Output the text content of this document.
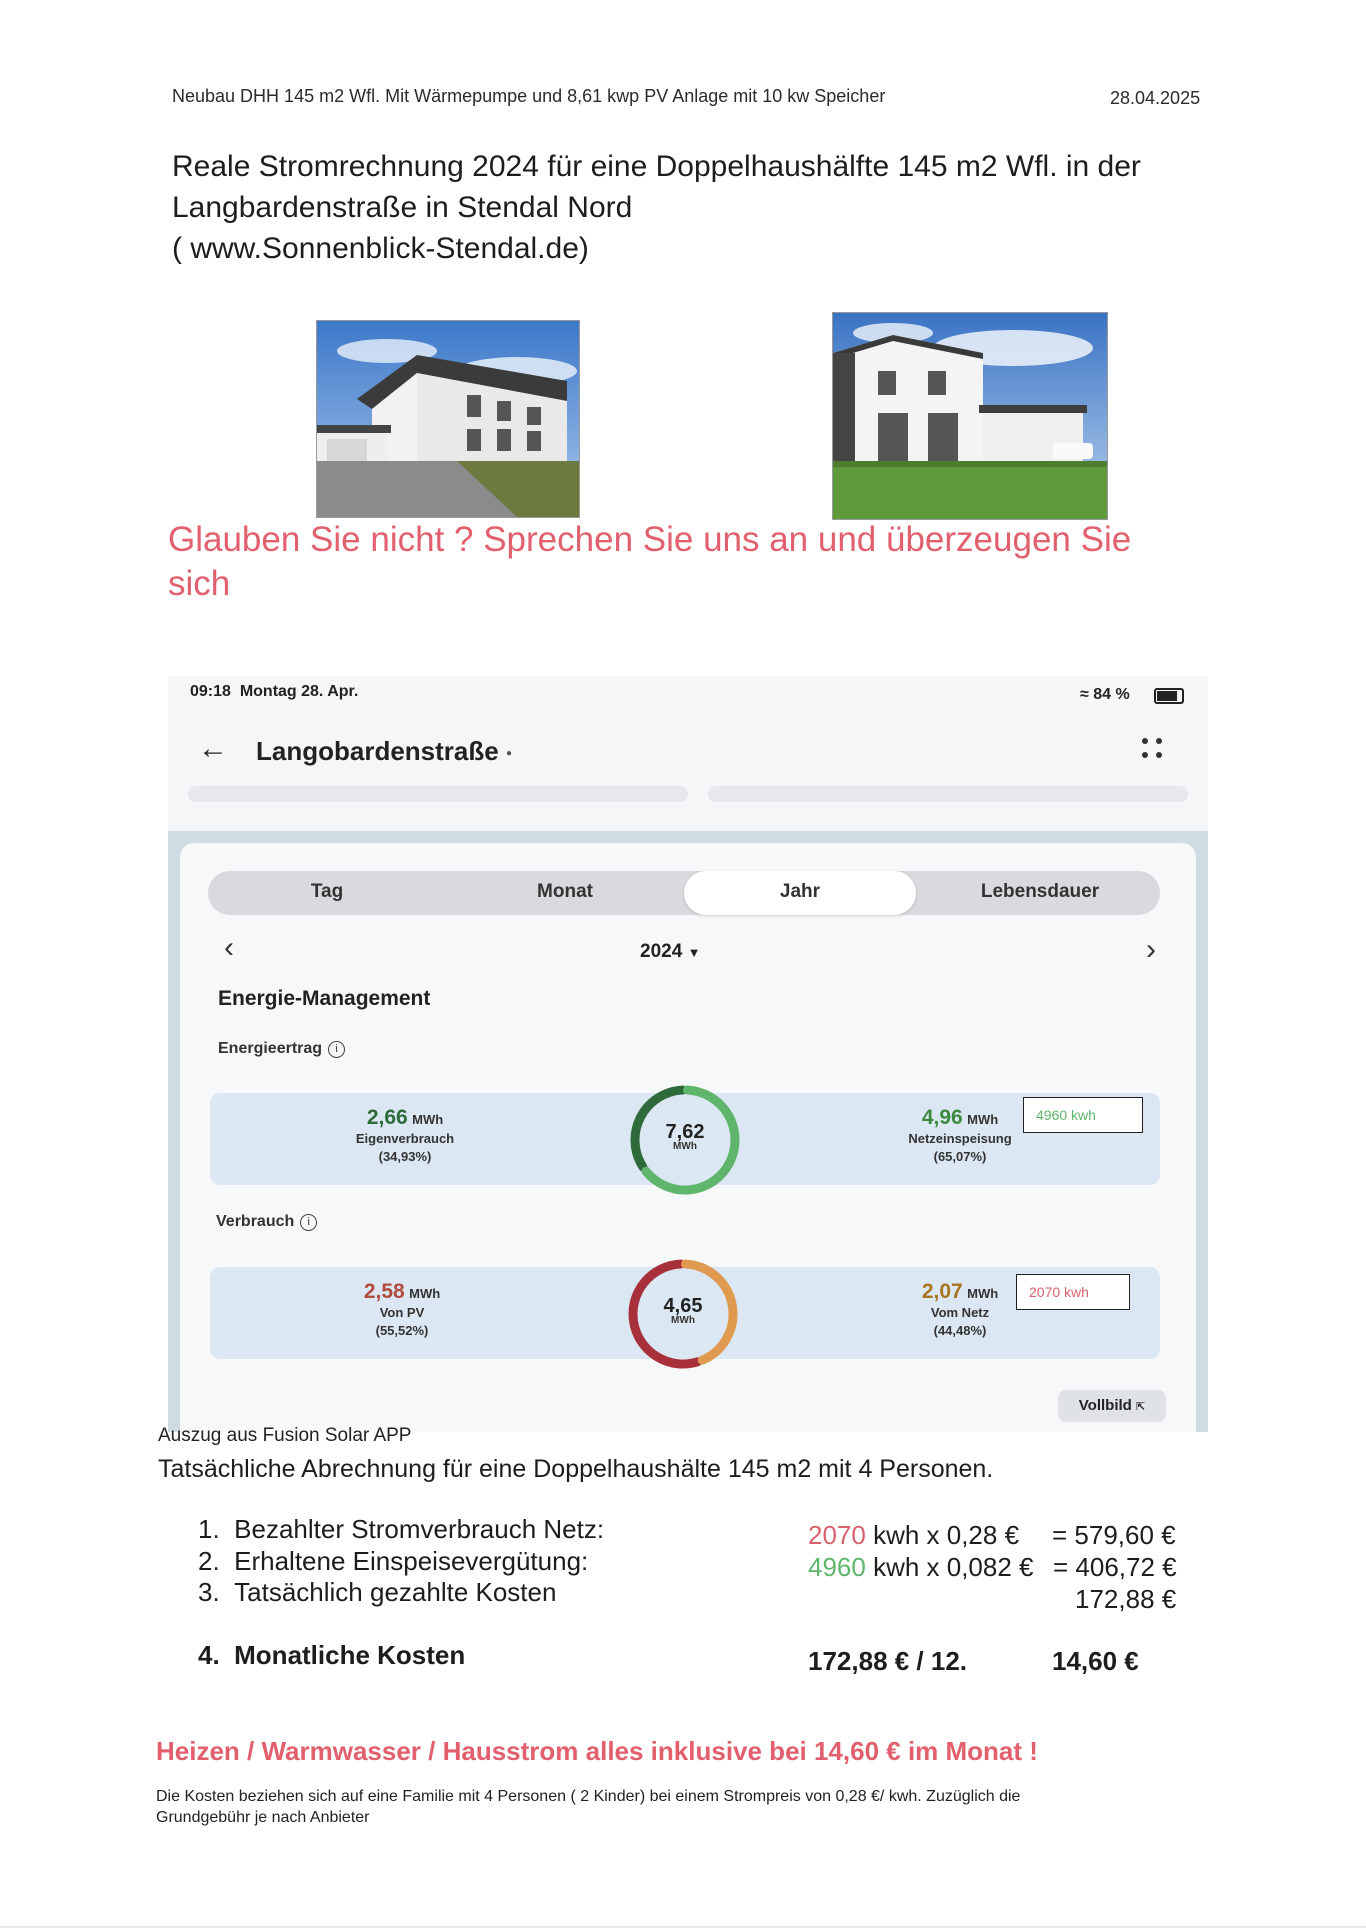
Neubau DHH 145 m2 Wfl. Mit Wärmepumpe und 8,61 kwp PV Anlage mit 10 kw Speicher	28.04.2025
Reale Stromrechnung 2024 für eine Doppelhaushälfte 145 m2 Wfl. in der
Langbardenstraße in Stendal Nord
( www.Sonnenblick-Stendal.de)
Glauben Sie nicht ? Sprechen Sie uns an und überzeugen Sie
sich
09:18 Montag 28. Apr.	≈ 84 %
← Langobardenstraße ●
Tag	Monat	Jahr	Lebensdauer
‹	2024 ▼	›
Energie-Management
Energieertrag i
2,66 MWh
Eigenverbrauch
(34,93%)
7,62
MWh
4,96 MWh
Netzeinspeisung
(65,07%)
4960 kwh
Verbrauch i
2,58 MWh
Von PV
(55,52%)
4,65
MWh
2,07 MWh
Vom Netz
(44,48%)
2070 kwh
Vollbild ⇱
Auszug aus Fusion Solar APP
Tatsächliche Abrechnung für eine Doppelhaushälte 145 m2 mit 4 Personen.
1. Bezahlter Stromverbrauch Netz:	2070 kwh x 0,28 € = 579,60 €
2. Erhaltene Einspeisevergütung:	4960 kwh x 0,082 € = 406,72 €
3. Tatsächlich gezahlte Kosten	172,88 €
4. Monatliche Kosten	172,88 € / 12.	14,60 €
Heizen / Warmwasser / Hausstrom alles inklusive bei 14,60 € im Monat !
Die Kosten beziehen sich auf eine Familie mit 4 Personen ( 2 Kinder) bei einem Strompreis von 0,28 €/ kwh. Zuzüglich die Grundgebühr je nach Anbieter
